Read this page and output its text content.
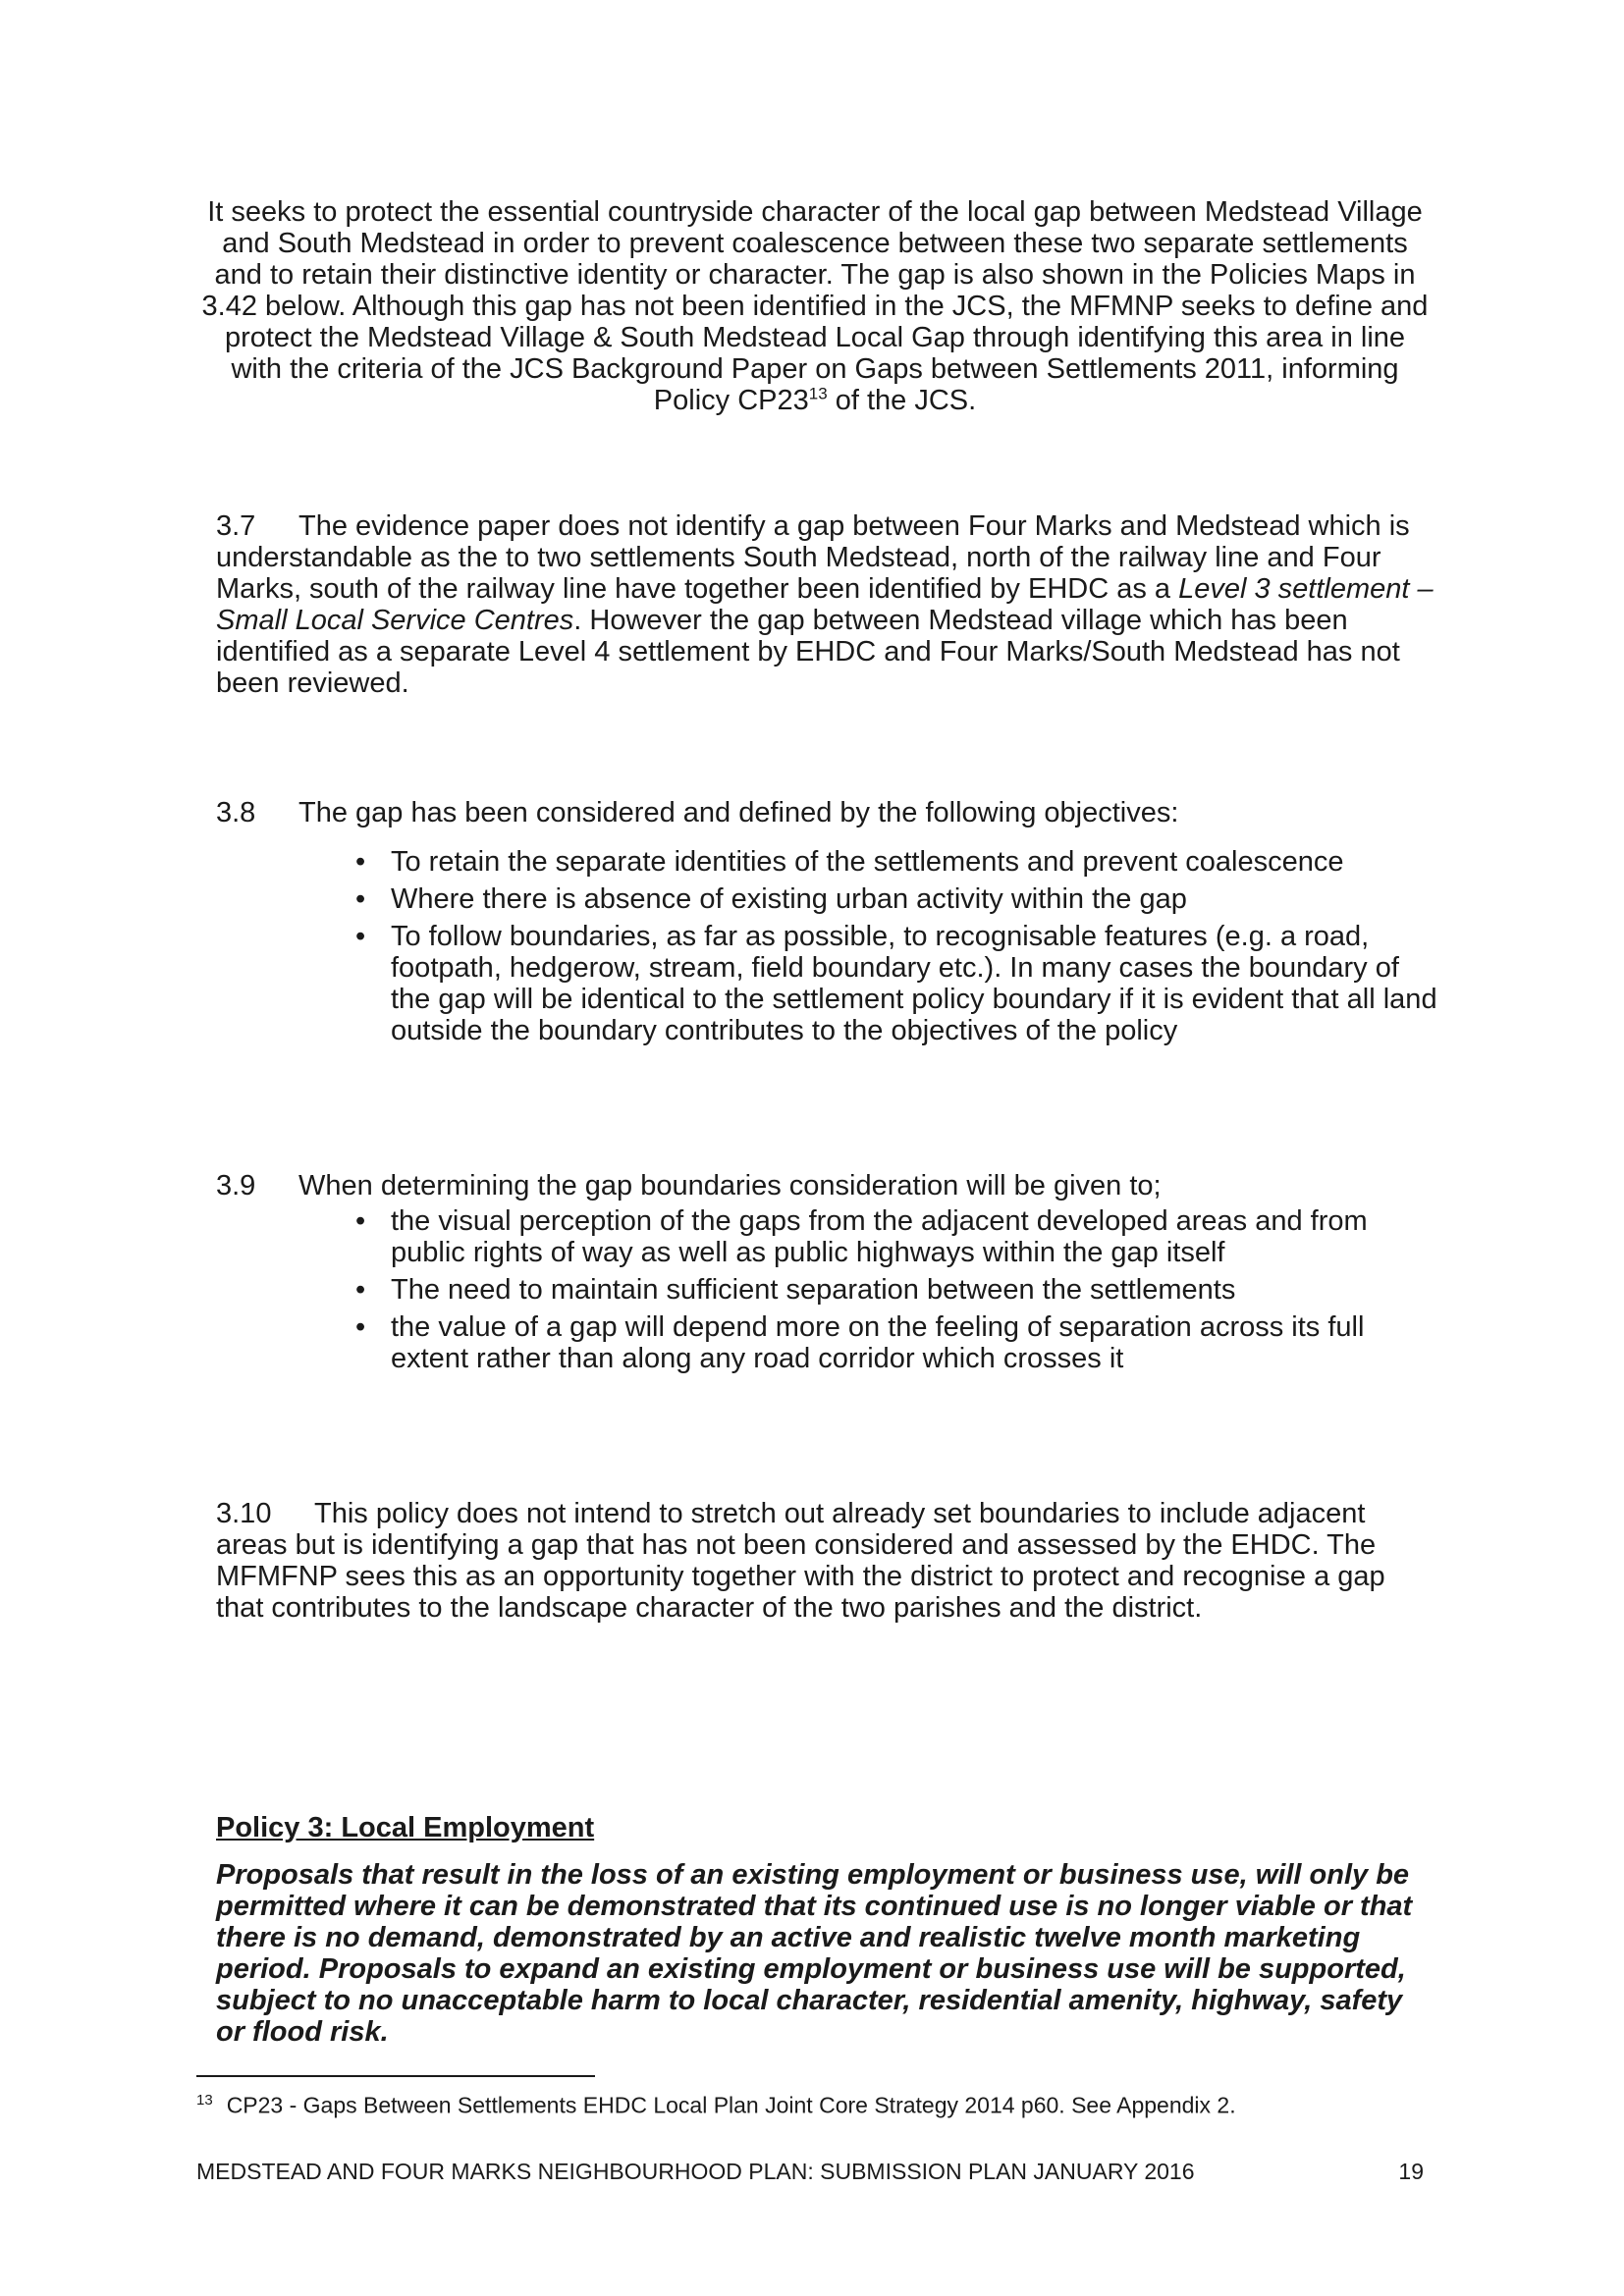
It seeks to protect the essential countryside character of the local gap between Medstead Village and South Medstead in order to prevent coalescence between these two separate settlements and to retain their distinctive identity or character. The gap is also shown in the Policies Maps in 3.42 below. Although this gap has not been identified in the JCS, the MFMNP seeks to define and protect the Medstead Village & South Medstead Local Gap through identifying this area in line with the criteria of the JCS Background Paper on Gaps between Settlements 2011, informing Policy CP23$^{13}$ of the JCS.

3.7 The evidence paper does not identify a gap between Four Marks and Medstead which is understandable as the to two settlements South Medstead, north of the railway line and Four Marks, south of the railway line have together been identified by EHDC as a Level 3 settlement – Small Local Service Centres. However the gap between Medstead village which has been identified as a separate Level 4 settlement by EHDC and Four Marks/South Medstead has not been reviewed.

3.8 The gap has been considered and defined by the following objectives:

• To retain the separate identities of the settlements and prevent coalescence
• Where there is absence of existing urban activity within the gap
• To follow boundaries, as far as possible, to recognisable features (e.g. a road, footpath, hedgerow, stream, field boundary etc.). In many cases the boundary of the gap will be identical to the settlement policy boundary if it is evident that all land outside the boundary contributes to the objectives of the policy

3.9 When determining the gap boundaries consideration will be given to;

• the visual perception of the gaps from the adjacent developed areas and from public rights of way as well as public highways within the gap itself
• The need to maintain sufficient separation between the settlements
• the value of a gap will depend more on the feeling of separation across its full extent rather than along any road corridor which crosses it

3.10 This policy does not intend to stretch out already set boundaries to include adjacent areas but is identifying a gap that has not been considered and assessed by the EHDC. The MFMFNP sees this as an opportunity together with the district to protect and recognise a gap that contributes to the landscape character of the two parishes and the district.

Policy 3: Local Employment

Proposals that result in the loss of an existing employment or business use, will only be permitted where it can be demonstrated that its continued use is no longer viable or that there is no demand, demonstrated by an active and realistic twelve month marketing period. Proposals to expand an existing employment or business use will be supported, subject to no unacceptable harm to local character, residential amenity, highway, safety or flood risk.

$^{13}$ CP23 - Gaps Between Settlements EHDC Local Plan Joint Core Strategy 2014 p60. See Appendix 2.

MEDSTEAD AND FOUR MARKS NEIGHBOURHOOD PLAN: SUBMISSION PLAN JANUARY 2016	19
